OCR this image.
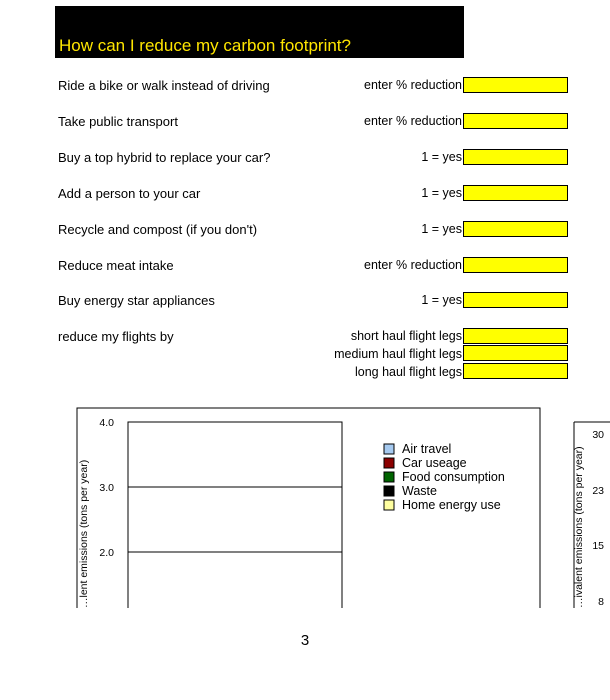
How can I reduce my carbon footprint?
Ride a bike or walk instead of driving	enter % reduction
Take public transport	enter % reduction
Buy a top hybrid to replace your car?	1 = yes
Add a person to your car	1 = yes
Recycle and compost (if you don't)	1 = yes
Reduce meat intake	enter % reduction
Buy energy star appliances	1 = yes
reduce my flights by	short haul flight legs
medium haul flight legs
long haul flight legs
4.0
3.0
2.0
…lent emissions (tons per year)
Air travel
Car useage
Food consumption
Waste
Home energy use
30
23
15
8
…ivalent emissions (tons per year)
3
